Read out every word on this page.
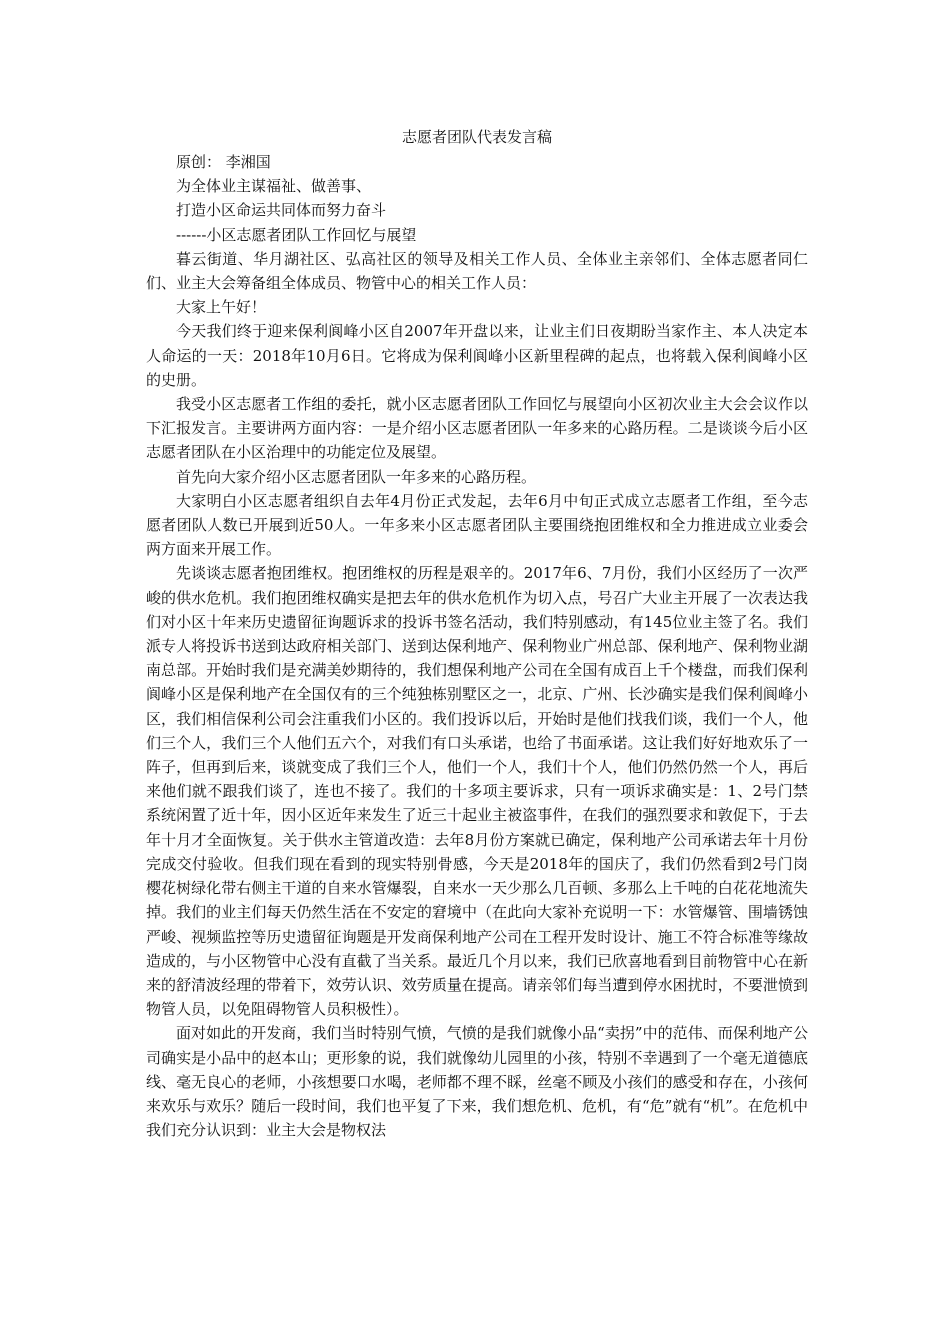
志愿者团队代表发言稿

原创： 李湘国

为全体业主谋福祉、做善事、

打造小区命运共同体而努力奋斗

------小区志愿者团队工作回忆与展望

暮云街道、华月湖社区、弘高社区的领导及相关工作人员、全体业主亲邻们、全体志愿者同仁们、业主大会筹备组全体成员、物管中心的相关工作人员：

大家上午好！

今天我们终于迎来保利阆峰小区自2007年开盘以来，让业主们日夜期盼当家作主、本人决定本人命运的一天：2018年10月6日。它将成为保利阆峰小区新里程碑的起点，也将载入保利阆峰小区的史册。

我受小区志愿者工作组的委托，就小区志愿者团队工作回忆与展望向小区初次业主大会会议作以下汇报发言。主要讲两方面内容：一是介绍小区志愿者团队一年多来的心路历程。二是谈谈今后小区志愿者团队在小区治理中的功能定位及展望。

首先向大家介绍小区志愿者团队一年多来的心路历程。

大家明白小区志愿者组织自去年4月份正式发起，去年6月中旬正式成立志愿者工作组，至今志愿者团队人数已开展到近50人。一年多来小区志愿者团队主要围绕抱团维权和全力推进成立业委会两方面来开展工作。

先谈谈志愿者抱团维权。抱团维权的历程是艰辛的。2017年6、7月份，我们小区经历了一次严峻的供水危机。我们抱团维权确实是把去年的供水危机作为切入点，号召广大业主开展了一次表达我们对小区十年来历史遗留征询题诉求的投诉书签名活动，我们特别感动，有145位业主签了名。我们派专人将投诉书送到达政府相关部门、送到达保利地产、保利物业广州总部、保利地产、保利物业湖南总部。开始时我们是充满美妙期待的，我们想保利地产公司在全国有成百上千个楼盘，而我们保利阆峰小区是保利地产在全国仅有的三个纯独栋别墅区之一，北京、广州、长沙确实是我们保利阆峰小区，我们相信保利公司会注重我们小区的。我们投诉以后，开始时是他们找我们谈，我们一个人，他们三个人，我们三个人他们五六个，对我们有口头承诺，也给了书面承诺。这让我们好好地欢乐了一阵子，但再到后来，谈就变成了我们三个人，他们一个人，我们十个人，他们仍然仍然一个人，再后来他们就不跟我们谈了，连也不接了。我们的十多项主要诉求，只有一项诉求确实是：1、2号门禁系统闲置了近十年，因小区近年来发生了近三十起业主被盗事件，在我们的强烈要求和敦促下，于去年十月才全面恢复。关于供水主管道改造：去年8月份方案就已确定，保利地产公司承诺去年十月份完成交付验收。但我们现在看到的现实特别骨感，今天是2018年的国庆了，我们仍然看到2号门岗樱花树绿化带右侧主干道的自来水管爆裂，自来水一天少那么几百顿、多那么上千吨的白花花地流失掉。我们的业主们每天仍然生活在不安定的窘境中（在此向大家补充说明一下：水管爆管、围墙锈蚀严峻、视频监控等历史遗留征询题是开发商保利地产公司在工程开发时设计、施工不符合标准等缘故造成的，与小区物管中心没有直截了当关系。最近几个月以来，我们已欣喜地看到目前物管中心在新来的舒清波经理的带着下，效劳认识、效劳质量在提高。请亲邻们每当遭到停水困扰时，不要泄愤到物管人员，以免阻碍物管人员积极性）。

面对如此的开发商，我们当时特别气愤，气愤的是我们就像小品“卖拐”中的范伟、而保利地产公司确实是小品中的赵本山；更形象的说，我们就像幼儿园里的小孩，特别不幸遇到了一个毫无道德底线、毫无良心的老师，小孩想要口水喝，老师都不理不睬，丝毫不顾及小孩们的感受和存在，小孩何来欢乐与欢乐？随后一段时间，我们也平复了下来，我们想危机、危机，有“危”就有“机”。在危机中我们充分认识到：业主大会是物权法
